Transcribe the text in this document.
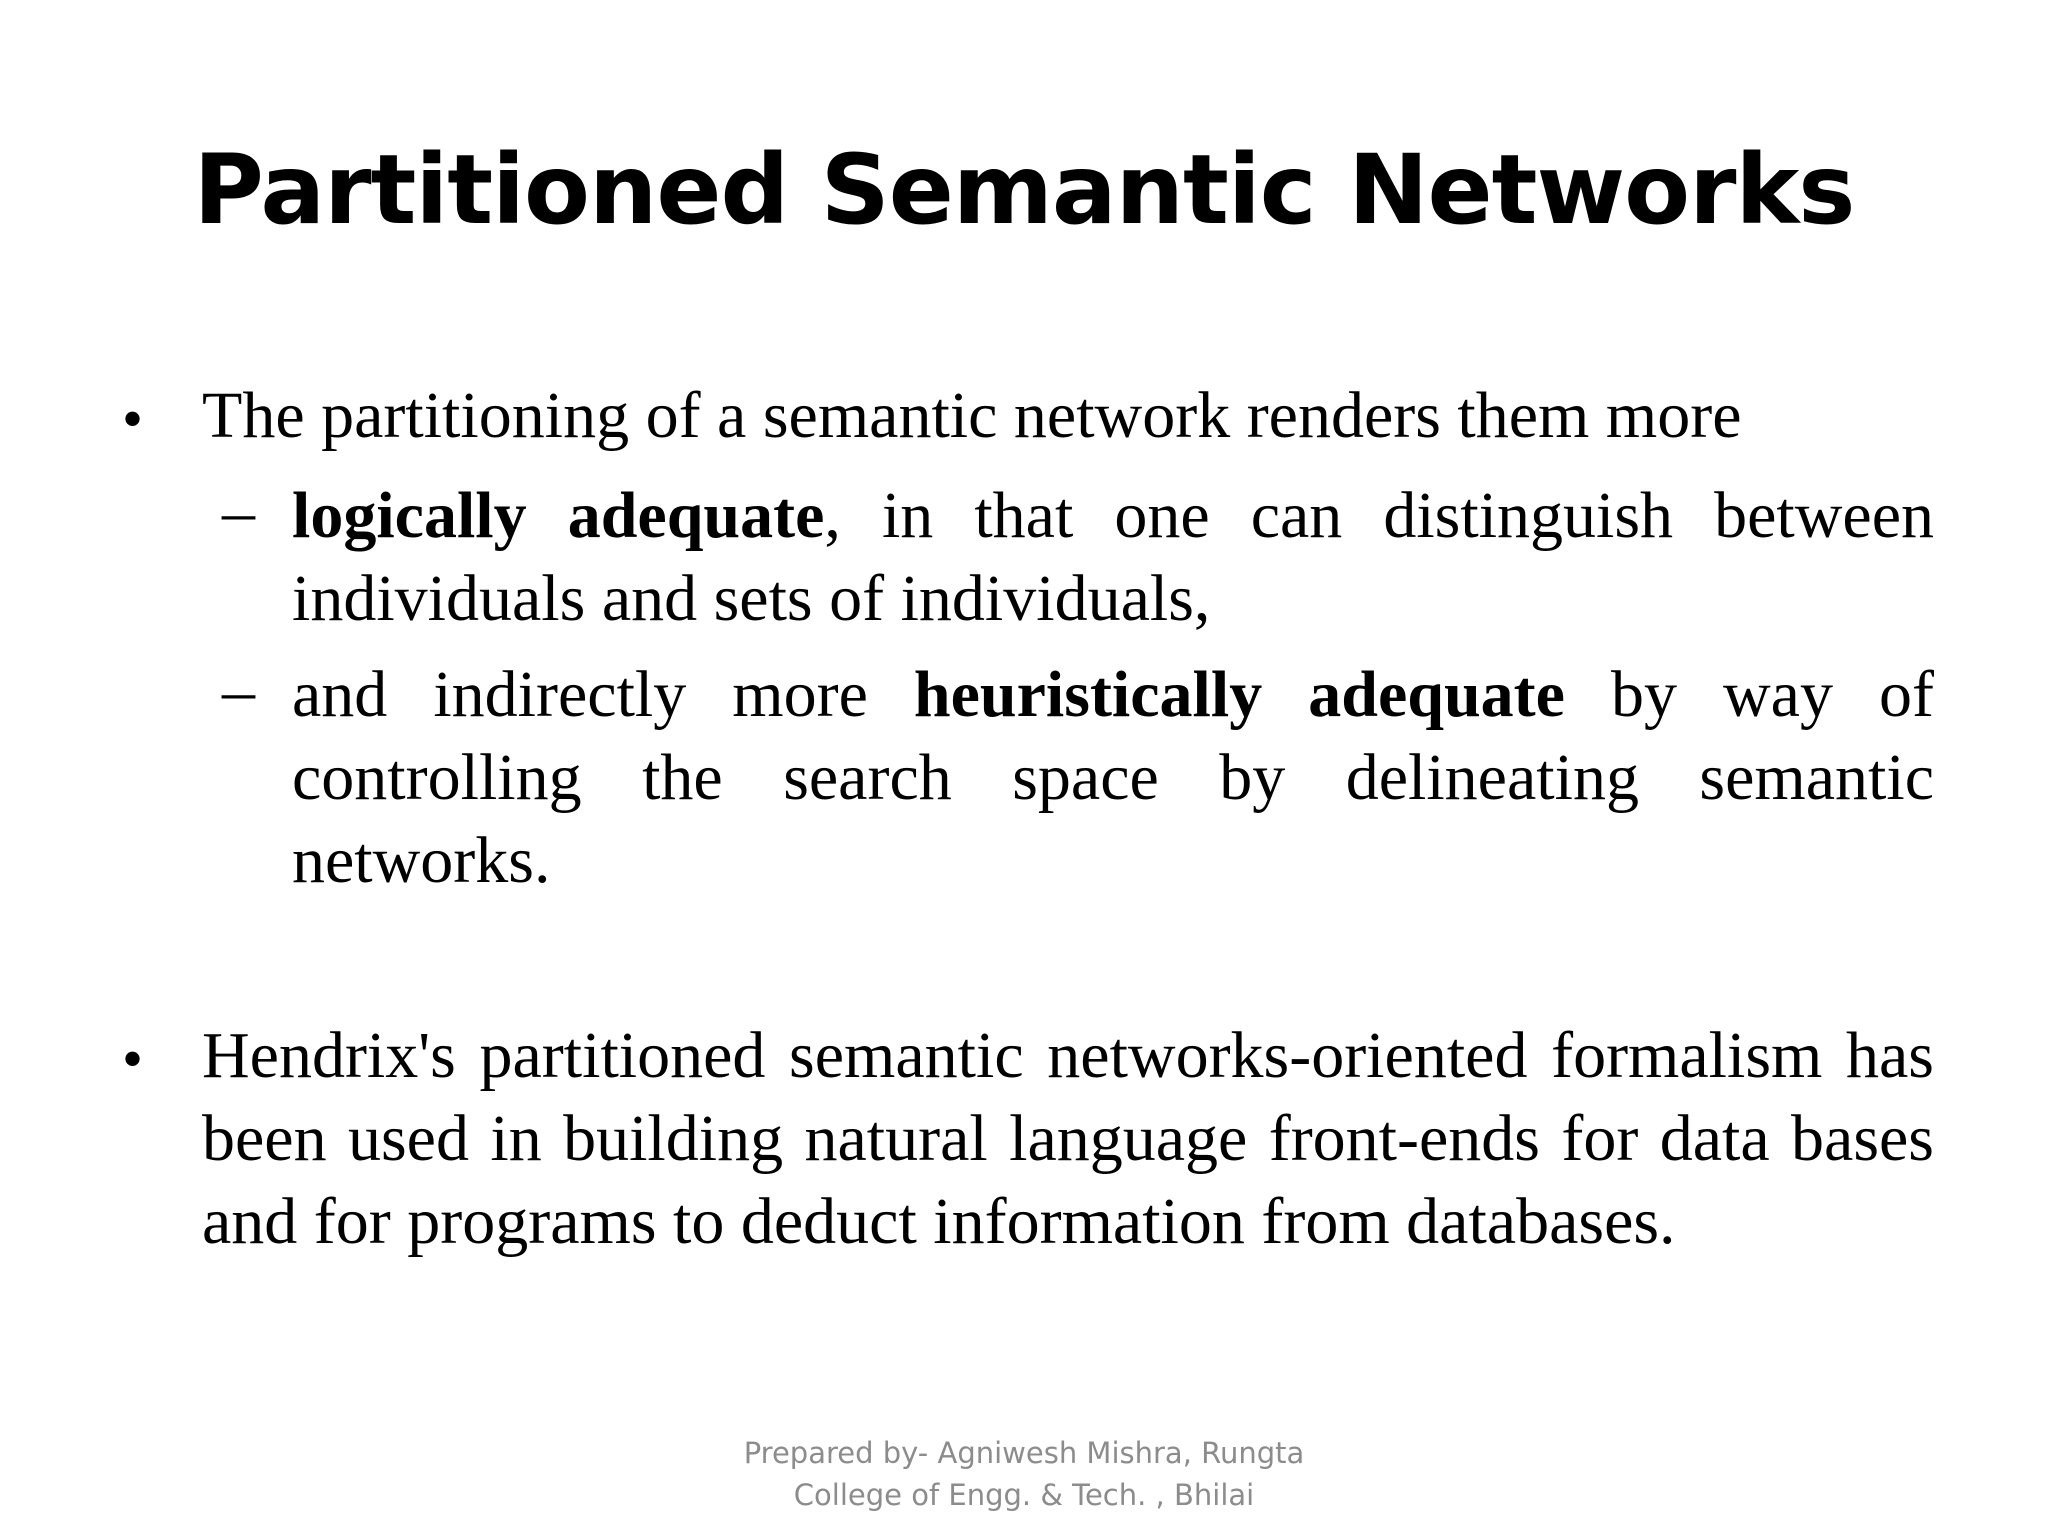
Partitioned Semantic Networks
• The partitioning of a semantic network renders them more
– logically adequate, in that one can distinguish between individuals and sets of individuals,
– and indirectly more heuristically adequate by way of controlling the search space by delineating semantic networks.
• Hendrix's partitioned semantic networks-oriented formalism has been used in building natural language front-ends for data bases and for programs to deduct information from databases.
Prepared by- Agniwesh Mishra, Rungta
College of Engg. & Tech. , Bhilai
